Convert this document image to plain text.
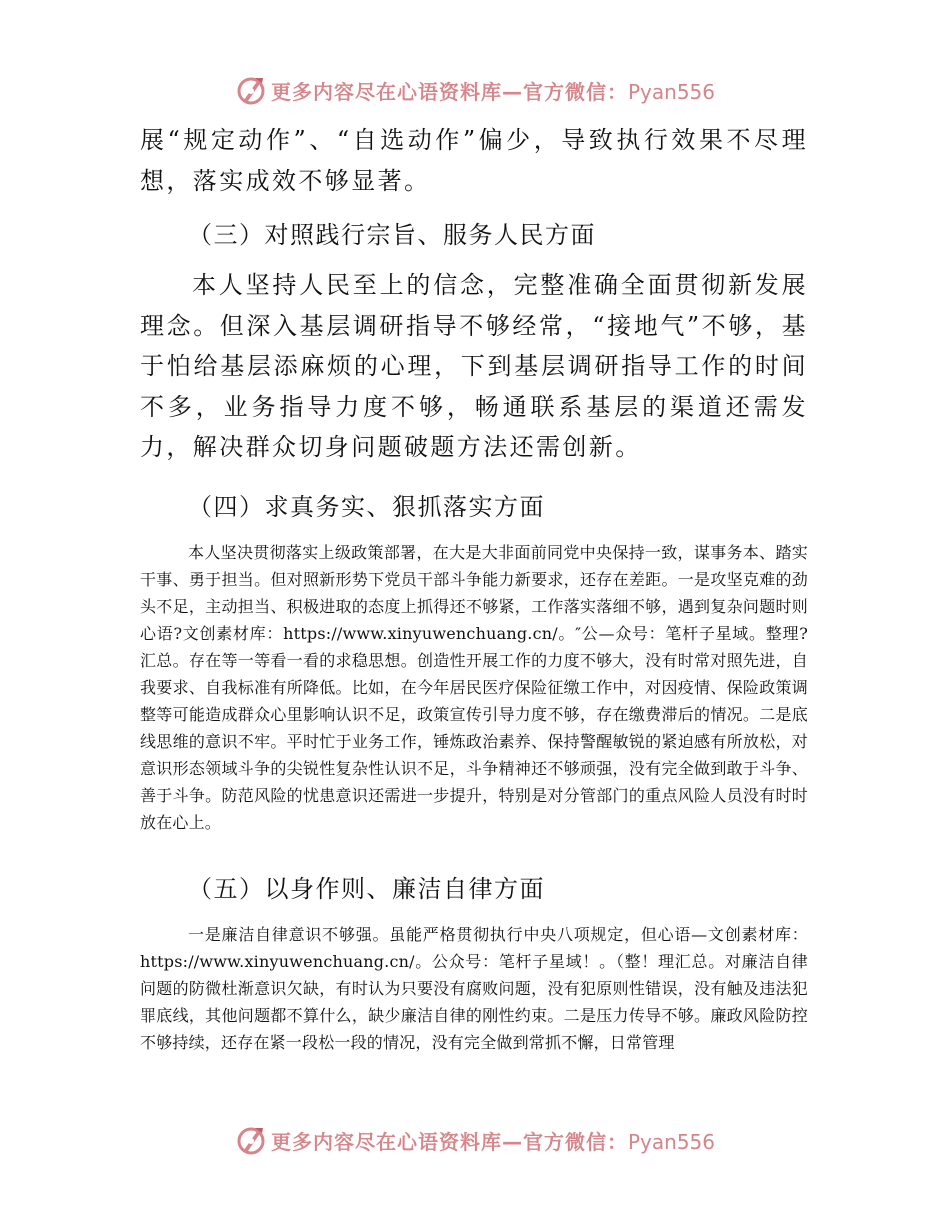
更多内容尽在心语资料库—官方微信：Pyan556

展“规定动作”、“自选动作”偏少，导致执行效果不尽理想，落实成效不够显著。

（三）对照践行宗旨、服务人民方面

本人坚持人民至上的信念，完整准确全面贯彻新发展理念。但深入基层调研指导不够经常，“接地气”不够，基于怕给基层添麻烦的心理，下到基层调研指导工作的时间不多，业务指导力度不够，畅通联系基层的渠道还需发力，解决群众切身问题破题方法还需创新。

（四）求真务实、狠抓落实方面

本人坚决贯彻落实上级政策部署，在大是大非面前同党中央保持一致，谋事务本、踏实干事、勇于担当。但对照新形势下党员干部斗争能力新要求，还存在差距。一是攻坚克难的劲头不足，主动担当、积极进取的态度上抓得还不够紧，工作落实落细不够，遇到复杂问题时则心语?文创素材库：https://www.xinyuwenchuang.cn/。″公—众号：笔杆子星域。整理?汇总。存在等一等看一看的求稳思想。创造性开展工作的力度不够大，没有时常对照先进，自我要求、自我标准有所降低。比如，在今年居民医疗保险征缴工作中，对因疫情、保险政策调整等可能造成群众心里影响认识不足，政策宣传引导力度不够，存在缴费滞后的情况。二是底线思维的意识不牢。平时忙于业务工作，锤炼政治素养、保持警醒敏锐的紧迫感有所放松，对意识形态领域斗争的尖锐性复杂性认识不足，斗争精神还不够顽强，没有完全做到敢于斗争、善于斗争。防范风险的忧患意识还需进一步提升，特别是对分管部门的重点风险人员没有时时放在心上。

（五）以身作则、廉洁自律方面

一是廉洁自律意识不够强。虽能严格贯彻执行中央八项规定，但心语—文创素材库：https://www.xinyuwenchuang.cn/。公众号：笔杆子星域！。（整！理汇总。对廉洁自律问题的防微杜渐意识欠缺，有时认为只要没有腐败问题，没有犯原则性错误，没有触及违法犯罪底线，其他问题都不算什么，缺少廉洁自律的刚性约束。二是压力传导不够。廉政风险防控不够持续，还存在紧一段松一段的情况，没有完全做到常抓不懈，日常管理

更多内容尽在心语资料库—官方微信：Pyan556
